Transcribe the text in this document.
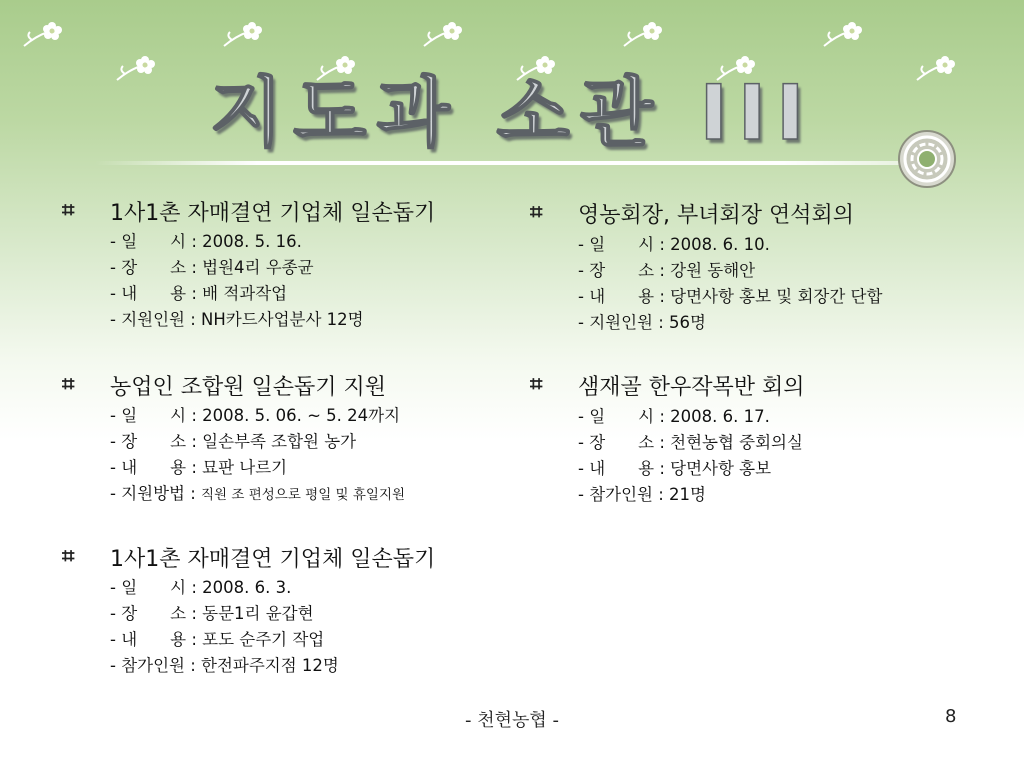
지도과 소관 III
⌗ 1사1촌 자매결연 기업체 일손돕기
- 일　　시 : 2008. 5. 16.
- 장　　소 : 법원4리 우종균
- 내　　용 : 배 적과작업
- 지원인원 : NH카드사업분사 12명
⌗ 농업인 조합원 일손돕기 지원
- 일　　시 : 2008. 5. 06. ~ 5. 24까지
- 장　　소 : 일손부족 조합원 농가
- 내　　용 : 묘판 나르기
- 지원방법 : 직원 조 편성으로 평일 및 휴일지원
⌗ 1사1촌 자매결연 기업체 일손돕기
- 일　　시 : 2008. 6. 3.
- 장　　소 : 동문1리 윤갑현
- 내　　용 : 포도 순주기 작업
- 참가인원 : 한전파주지점 12명
⌗ 영농회장, 부녀회장 연석회의
- 일　　시 : 2008. 6. 10.
- 장　　소 : 강원 동해안
- 내　　용 : 당면사항 홍보 및 회장간 단합
- 지원인원 : 56명
⌗ 샘재골 한우작목반 회의
- 일　　시 : 2008. 6. 17.
- 장　　소 : 천현농협 중회의실
- 내　　용 : 당면사항 홍보
- 참가인원 : 21명
- 천현농협 -	8
